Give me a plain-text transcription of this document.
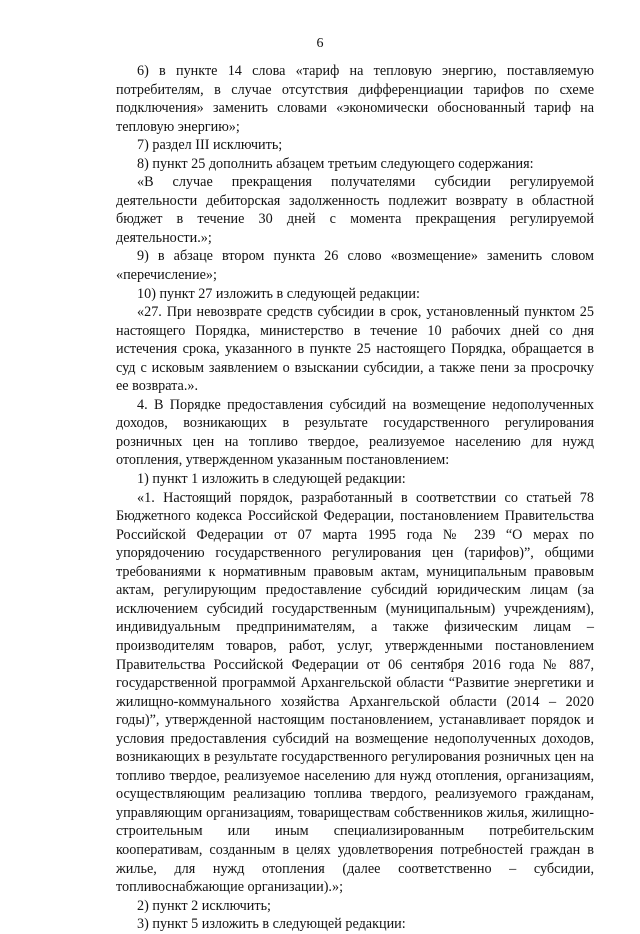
6

6) в пункте 14 слова «тариф на тепловую энергию, поставляемую потребителям, в случае отсутствия дифференциации тарифов по схеме подключения» заменить словами «экономически обоснованный тариф на тепловую энергию»;

7) раздел III исключить;

8) пункт 25 дополнить абзацем третьим следующего содержания:

«В случае прекращения получателями субсидии регулируемой деятельности дебиторская задолженность подлежит возврату в областной бюджет в течение 30 дней с момента прекращения регулируемой деятельности.»;

9) в абзаце втором пункта 26 слово «возмещение» заменить словом «перечисление»;

10) пункт 27 изложить в следующей редакции:

«27. При невозврате средств субсидии в срок, установленный пунктом 25 настоящего Порядка, министерство в течение 10 рабочих дней со дня истечения срока, указанного в пункте 25 настоящего Порядка, обращается в суд с исковым заявлением о взыскании субсидии, а также пени за просрочку ее возврата.».

4. В Порядке предоставления субсидий на возмещение недополученных доходов, возникающих в результате государственного регулирования розничных цен на топливо твердое, реализуемое населению для нужд отопления, утвержденном указанным постановлением:

1) пункт 1 изложить в следующей редакции:

«1. Настоящий порядок, разработанный в соответствии со статьей 78 Бюджетного кодекса Российской Федерации, постановлением Правительства Российской Федерации от 07 марта 1995 года № 239 “О мерах по упорядочению государственного регулирования цен (тарифов)”, общими требованиями к нормативным правовым актам, муниципальным правовым актам, регулирующим предоставление субсидий юридическим лицам (за исключением субсидий государственным (муниципальным) учреждениям), индивидуальным предпринимателям, а также физическим лицам – производителям товаров, работ, услуг, утвержденными постановлением Правительства Российской Федерации от 06 сентября 2016 года № 887, государственной программой Архангельской области “Развитие энергетики и жилищно-коммунального хозяйства Архангельской области (2014 – 2020 годы)”, утвержденной настоящим постановлением, устанавливает порядок и условия предоставления субсидий на возмещение недополученных доходов, возникающих в результате государственного регулирования розничных цен на топливо твердое, реализуемое населению для нужд отопления, организациям, осуществляющим реализацию топлива твердого, реализуемого гражданам, управляющим организациям, товариществам собственников жилья, жилищно-строительным или иным специализированным потребительским кооперативам, созданным в целях удовлетворения потребностей граждан в жилье, для нужд отопления (далее соответственно – субсидии, топливоснабжающие организации).»;

2) пункт 2 исключить;

3) пункт 5 изложить в следующей редакции:
